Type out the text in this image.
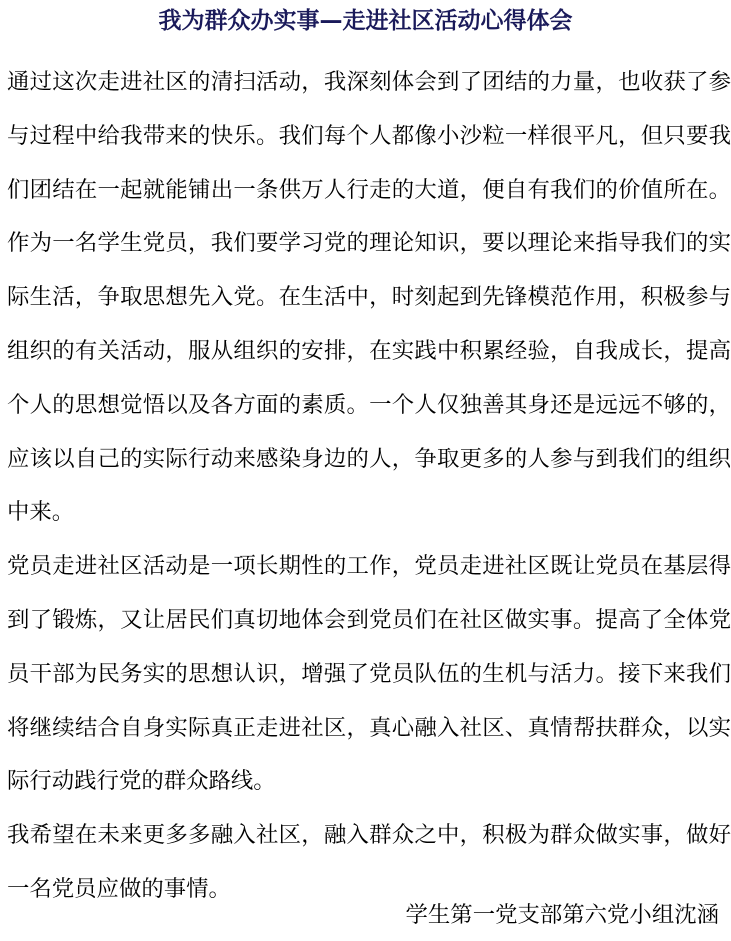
我为群众办实事—走进社区活动心得体会

通过这次走进社区的清扫活动，我深刻体会到了团结的力量，也收获了参与过程中给我带来的快乐。我们每个人都像小沙粒一样很平凡，但只要我们团结在一起就能铺出一条供万人行走的大道，便自有我们的价值所在。作为一名学生党员，我们要学习党的理论知识，要以理论来指导我们的实际生活，争取思想先入党。在生活中，时刻起到先锋模范作用，积极参与组织的有关活动，服从组织的安排，在实践中积累经验，自我成长，提高个人的思想觉悟以及各方面的素质。一个人仅独善其身还是远远不够的，应该以自己的实际行动来感染身边的人，争取更多的人参与到我们的组织中来。

党员走进社区活动是一项长期性的工作，党员走进社区既让党员在基层得到了锻炼，又让居民们真切地体会到党员们在社区做实事。提高了全体党员干部为民务实的思想认识，增强了党员队伍的生机与活力。接下来我们将继续结合自身实际真正走进社区，真心融入社区、真情帮扶群众，以实际行动践行党的群众路线。

我希望在未来更多多融入社区，融入群众之中，积极为群众做实事，做好一名党员应做的事情。

学生第一党支部第六党小组沈涵
